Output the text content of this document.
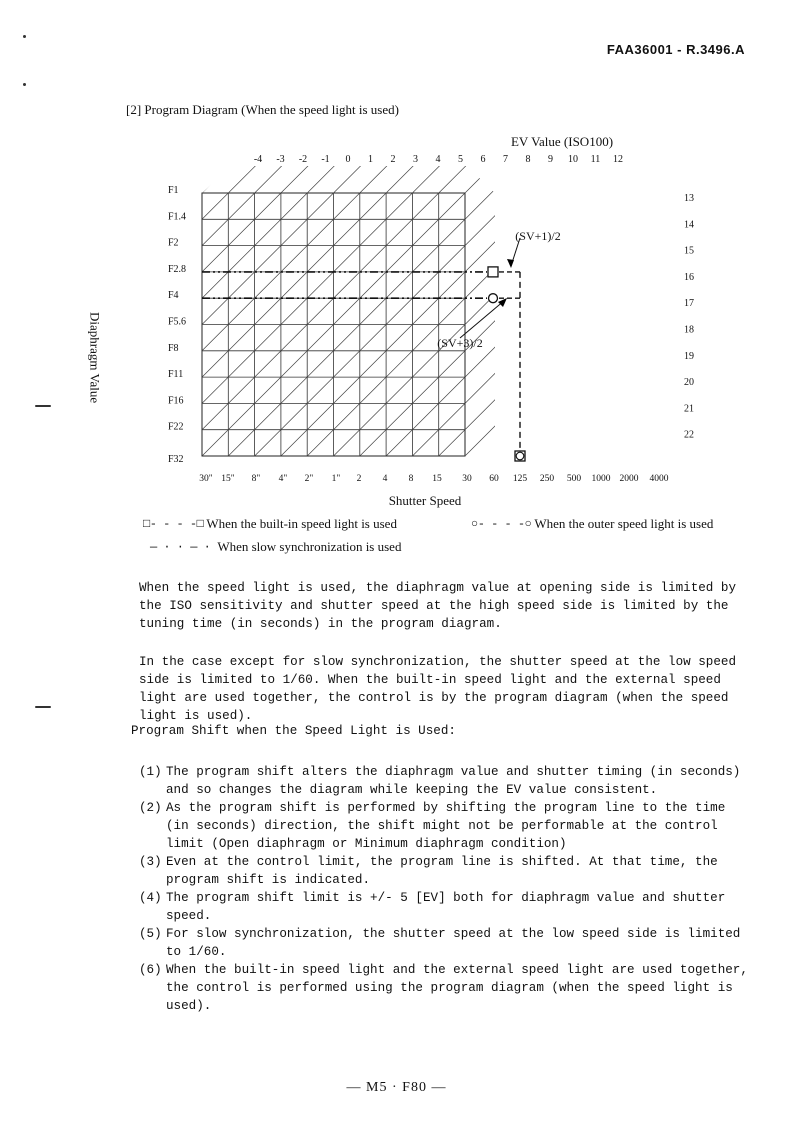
FAA36001 - R.3496.A
[2] Program Diagram (When the speed light is used)
EV Value (ISO100)
Shutter Speed
-4 -3 -2 -1 0 1 2 3 4 5 6 7 8 9 10 11 12
13
14
15
16
17
18
19
20
21
22
F1
F1.4
F2
F2.8
F4
F5.6
F8
F11
F16
F22
F32
30" 15" 8" 4" 2" 1" 2 4 8 15 30 60 125 250 500 1000 2000 4000
(SV+1)/2
(SV+3)/2
Diaphragm Value
□- - - -□ When the built-in speed light is used	○- - - -○ When the outer speed light is used
— · · — · When slow synchronization is used
When the speed light is used, the diaphragm value at opening side is limited by the ISO sensitivity and shutter speed at the high speed side is limited by the tuning time (in seconds) in the program diagram.
In the case except for slow synchronization, the shutter speed at the low speed side is limited to 1/60. When the built-in speed light and the external speed light are used together, the control is by the program diagram (when the speed light is used).
Program Shift when the Speed Light is Used:
(1) The program shift alters the diaphragm value and shutter timing (in seconds) and so changes the diagram while keeping the EV value consistent.
(2) As the program shift is performed by shifting the program line to the time (in seconds) direction, the shift might not be performable at the control limit (Open diaphragm or Minimum diaphragm condition)
(3) Even at the control limit, the program line is shifted. At that time, the program shift is indicated.
(4) The program shift limit is +/- 5 [EV] both for diaphragm value and shutter speed.
(5) For slow synchronization, the shutter speed at the low speed side is limited to 1/60.
(6) When the built-in speed light and the external speed light are used together, the control is performed using the program diagram (when the speed light is used).
— M5 · F80 —
